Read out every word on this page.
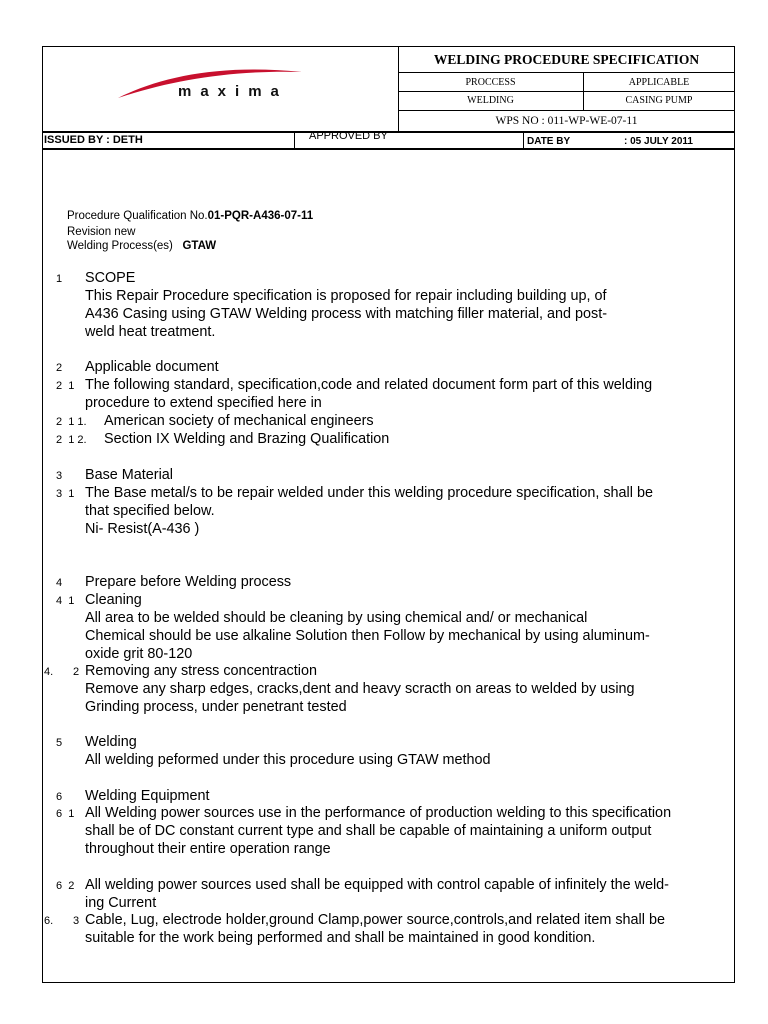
maxima
WELDING PROCEDURE SPECIFICATION
PROCCESS	APPLICABLE
WELDING	CASING PUMP
WPS NO : 011-WP-WE-07-11
ISSUED BY : DETH	APPROVED BY	DATE BY	: 05 JULY 2011
Procedure Qualification No.01-PQR-A436-07-11
Revision new
Welding Process(es) GTAW
1 SCOPE
This Repair Procedure specification is proposed for repair including building up, of
A436 Casing using GTAW Welding process with matching filler material, and post-
weld heat treatment.
2 Applicable document
2  1 The following standard, specification,code and related document form part of this welding
procedure to extend specified here in
2  1 1. American society of mechanical engineers
2  1 2. Section IX Welding and Brazing Qualification
3 Base Material
3  1 The Base metal/s to be repair welded under this welding procedure specification, shall be
that specified below.
Ni- Resist(A-436 )
4 Prepare before Welding process
4  1 Cleaning
All area to be welded should be cleaning by using chemical and/ or mechanical
Chemical should be use alkaline Solution then Follow by mechanical by using aluminum-
oxide grit 80-120
4. 2 Removing any stress concentraction
Remove any sharp edges, cracks,dent and heavy scracth on areas to welded by using
Grinding process, under penetrant tested
5 Welding
All welding peformed under this procedure using GTAW method
6 Welding Equipment
6  1 All Welding power sources use in the performance of production welding to this specification
shall be of DC constant current type and shall be capable of maintaining a uniform output
throughout their entire operation range
6  2 All welding power sources used shall be equipped with control capable of infinitely the weld-
ing Current
6. 3 Cable, Lug, electrode holder,ground Clamp,power source,controls,and related item shall be
suitable for the work being performed and shall be maintained in good kondition.
